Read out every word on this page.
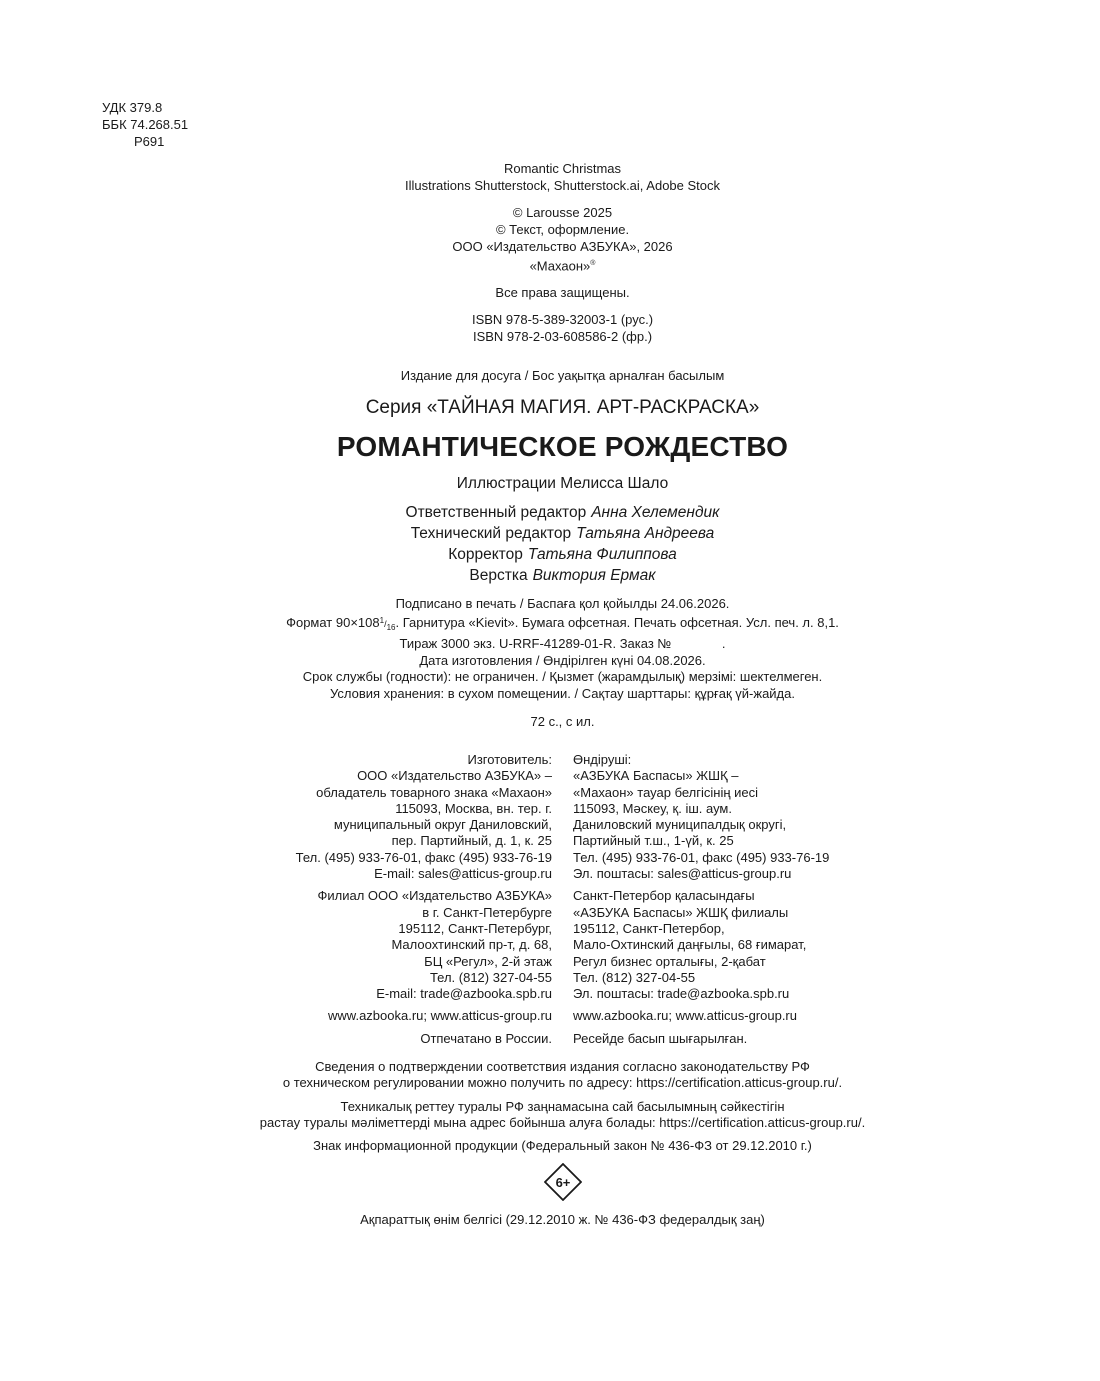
УДК 379.8
ББК 74.268.51
Р691
Romantic Christmas
Illustrations Shutterstock, Shutterstock.ai, Adobe Stock
© Larousse 2025
© Текст, оформление.
ООО «Издательство АЗБУКА», 2026
«Махаон»®
Все права защищены.
ISBN 978-5-389-32003-1 (рус.)
ISBN 978-2-03-608586-2 (фр.)
Издание для досуга / Бос уақытқа арналған басылым
Серия «ТАЙНАЯ МАГИЯ. АРТ-РАСКРАСКА»
РОМАНТИЧЕСКОЕ РОЖДЕСТВО
Иллюстрации Мелисса Шало
Ответственный редактор Анна Хелемендик
Технический редактор Татьяна Андреева
Корректор Татьяна Филиппова
Верстка Виктория Ермак
Подписано в печать / Баспаға қол қойылды 24.06.2026.
Формат $90\times 108^1/_{16}$. Гарнитура «Kievit». Бумага офсетная. Печать офсетная. Усл. печ. л. 8,1.
Тираж 3000 экз. U-RRF-41289-01-R. Заказ №              .
Дата изготовления / Өндірілген күні 04.08.2026.
Срок службы (годности): не ограничен. / Қызмет (жарамдылық) мерзімі: шектелмеген.
Условия хранения: в сухом помещении. / Сақтау шарттары: құрғақ үй-жайда.
72 с., с ил.
Изготовитель: Өндіруші:
ООО «Издательство АЗБУКА» – «АЗБУКА Баспасы» ЖШҚ –
обладатель товарного знака «Махаон» «Махаон» тауар белгісінің иесі
115093, Москва, вн. тер. г. 115093, Мәскеу, қ. іш. аум.
муниципальный округ Даниловский, Даниловский муниципалдық округі,
пер. Партийный, д. 1, к. 25 Партийный т.ш., 1-үй, к. 25
Тел. (495) 933-76-01, факс (495) 933-76-19 Тел. (495) 933-76-01, факс (495) 933-76-19
E-mail: sales@atticus-group.ru Эл. поштасы: sales@atticus-group.ru
Филиал ООО «Издательство АЗБУКА» Санкт-Петербор қаласындағы
в г. Санкт-Петербурге «АЗБУКА Баспасы» ЖШҚ филиалы
195112, Санкт-Петербург, 195112, Санкт-Петербор,
Малоохтинский пр-т, д. 68, Мало-Охтинский даңғылы, 68 ғимарат,
БЦ «Регул», 2-й этаж Регул бизнес орталығы, 2-қабат
Тел. (812) 327-04-55 Тел. (812) 327-04-55
E-mail: trade@azbooka.spb.ru Эл. поштасы: trade@azbooka.spb.ru
www.azbooka.ru; www.atticus-group.ru www.azbooka.ru; www.atticus-group.ru
Отпечатано в России. Ресейде басып шығарылған.
Сведения о подтверждении соответствия издания согласно законодательству РФ
о техническом регулировании можно получить по адресу: https://certification.atticus-group.ru/.
Техникалық реттеу туралы РФ заңнамасына сай басылымның сәйкестігін
растау туралы мәліметтерді мына адрес бойынша алуға болады: https://certification.atticus-group.ru/.
Знак информационной продукции (Федеральный закон № 436-ФЗ от 29.12.2010 г.)
6+
Ақпараттық өнім белгісі (29.12.2010 ж. № 436-ФЗ федералдық заң)
